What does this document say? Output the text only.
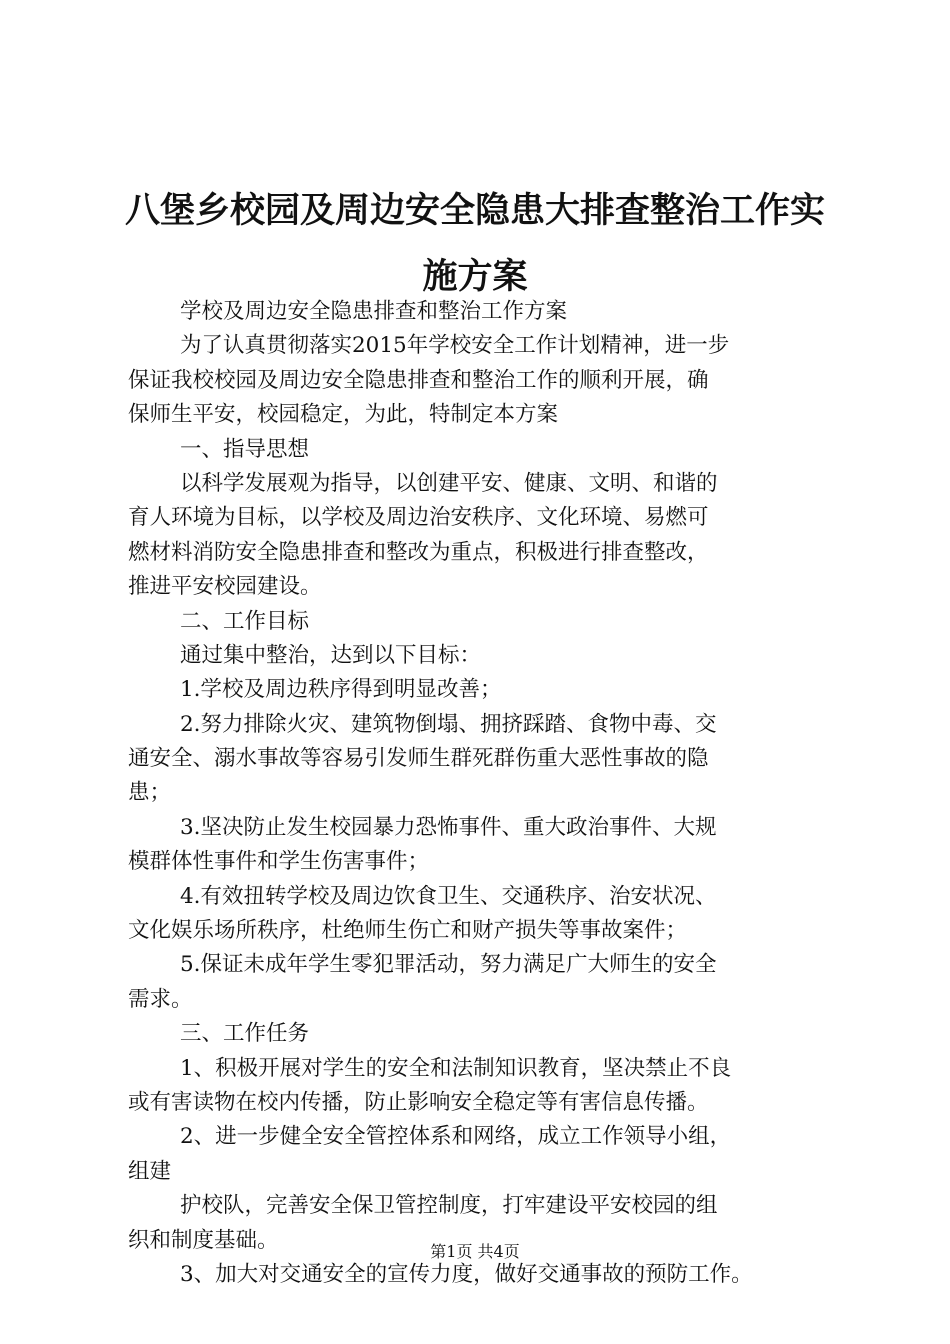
八堡乡校园及周边安全隐患大排查整治工作实
施方案
学校及周边安全隐患排查和整治工作方案
为了认真贯彻落实2015年学校安全工作计划精神，进一步
保证我校校园及周边安全隐患排查和整治工作的顺利开展，确
保师生平安，校园稳定，为此，特制定本方案
一、指导思想
以科学发展观为指导，以创建平安、健康、文明、和谐的
育人环境为目标，以学校及周边治安秩序、文化环境、易燃可
燃材料消防安全隐患排查和整改为重点，积极进行排查整改，
推进平安校园建设。
二、工作目标
通过集中整治，达到以下目标：
1.学校及周边秩序得到明显改善；
2.努力排除火灾、建筑物倒塌、拥挤踩踏、食物中毒、交
通安全、溺水事故等容易引发师生群死群伤重大恶性事故的隐
患；
3.坚决防止发生校园暴力恐怖事件、重大政治事件、大规
模群体性事件和学生伤害事件；
4.有效扭转学校及周边饮食卫生、交通秩序、治安状况、
文化娱乐场所秩序，杜绝师生伤亡和财产损失等事故案件；
5.保证未成年学生零犯罪活动，努力满足广大师生的安全
需求。
三、工作任务
1、积极开展对学生的安全和法制知识教育，坚决禁止不良
或有害读物在校内传播，防止影响安全稳定等有害信息传播。
2、进一步健全安全管控体系和网络，成立工作领导小组，
组建
护校队，完善安全保卫管控制度，打牢建设平安校园的组
织和制度基础。
3、加大对交通安全的宣传力度，做好交通事故的预防工作。
第1页 共4页
